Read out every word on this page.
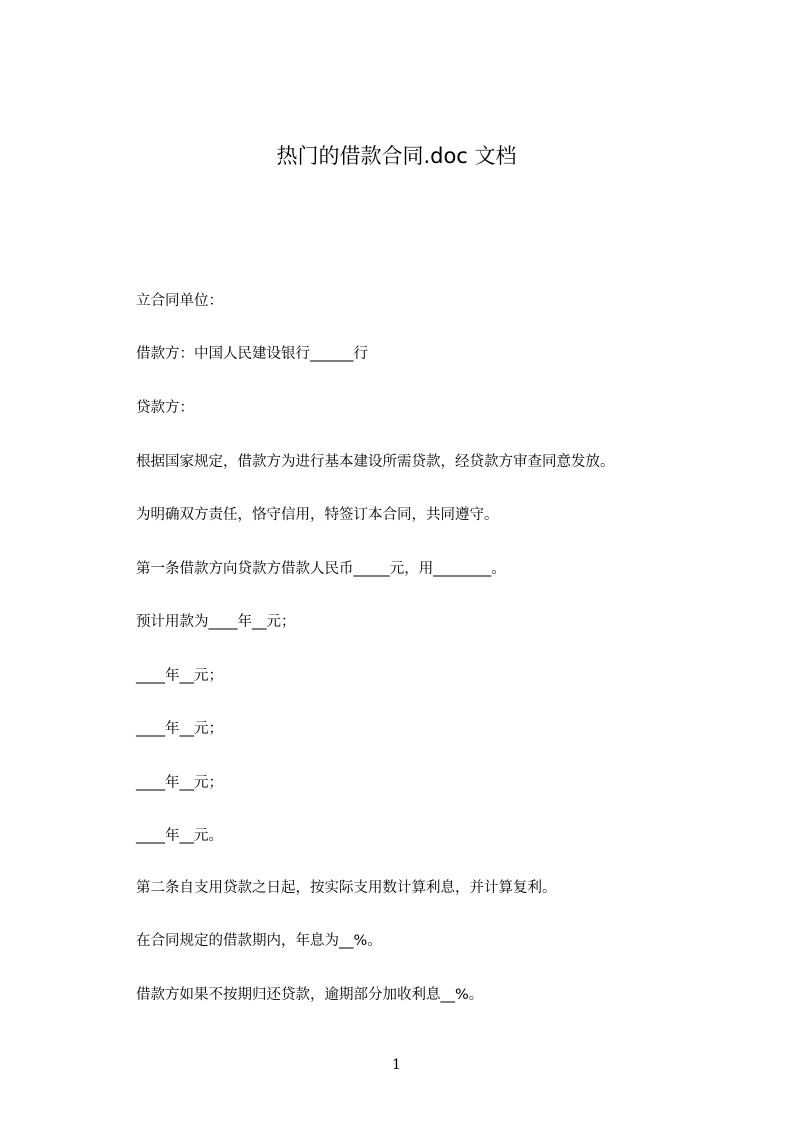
热门的借款合同.doc 文档
立合同单位：
借款方：中国人民建设银行______行
贷款方：
根据国家规定，借款方为进行基本建设所需贷款，经贷款方审查同意发放。
为明确双方责任，恪守信用，特签订本合同，共同遵守。
第一条借款方向贷款方借款人民币_____元，用________。
预计用款为____年__元；
____年__元；
____年__元；
____年__元；
____年__元。
第二条自支用贷款之日起，按实际支用数计算利息，并计算复利。
在合同规定的借款期内，年息为__%。
借款方如果不按期归还贷款，逾期部分加收利息__%。
1
